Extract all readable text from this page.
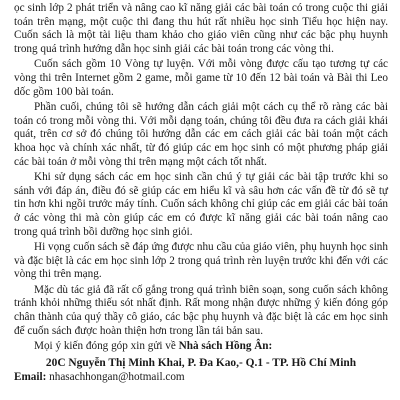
ọc sinh lớp 2 phát triển và nâng cao kĩ năng giải các bài toán có trong cuộc thi giải toán trên mạng, một cuộc thi đang thu hút rất nhiều học sinh Tiểu học hiện nay. Cuốn sách là một tài liệu tham khảo cho giáo viên cũng như các bậc phụ huynh trong quá trình hướng dẫn học sinh giải các bài toán trong các vòng thi.

Cuốn sách gồm 10 Vòng tự luyện. Với mỗi vòng được cấu tạo tương tự các vòng thi trên Internet gồm 2 game, mỗi game từ 10 đến 12 bài toán và Bài thi Leo dốc gồm 100 bài toán.

Phần cuối, chúng tôi sẽ hướng dẫn cách giải một cách cụ thể rõ ràng các bài toán có trong mỗi vòng thi. Với mỗi dạng toán, chúng tôi đều đưa ra cách giải khái quát, trên cơ sở đó chúng tôi hướng dẫn các em cách giải các bài toán một cách khoa học và chính xác nhất, từ đó giúp các em học sinh có một phương pháp giải các bài toán ở mỗi vòng thi trên mạng một cách tốt nhất.

Khi sử dụng sách các em học sinh cần chú ý tự giải các bài tập trước khi so sánh với đáp án, điều đó sẽ giúp các em hiểu kĩ và sâu hơn các vấn đề từ đó sẽ tự tin hơn khi ngồi trước máy tính. Cuốn sách không chỉ giúp các em giải các bài toán ở các vòng thi mà còn giúp các em có được kĩ năng giải các bài toán nâng cao trong quá trình bồi dưỡng học sinh giỏi.

Hi vọng cuốn sách sẽ đáp ứng được nhu cầu của giáo viên, phụ huynh học sinh và đặc biệt là các em học sinh lớp 2 trong quá trình rèn luyện trước khi đến với các vòng thi trên mạng.

Mặc dù tác giả đã rất cố gắng trong quá trình biên soạn, song cuốn sách không tránh khỏi những thiếu sót nhất định. Rất mong nhận được những ý kiến đóng góp chân thành của quý thầy cô giáo, các bậc phụ huynh và đặc biệt là các em học sinh để cuốn sách được hoàn thiện hơn trong lần tái bản sau.

Mọi ý kiến đóng góp xin gửi về Nhà sách Hồng Ân:

20C Nguyễn Thị Minh Khai, P. Đa Kao,- Q.1 - TP. Hồ Chí Minh

Email: nhasachhongan@hotmail.com
